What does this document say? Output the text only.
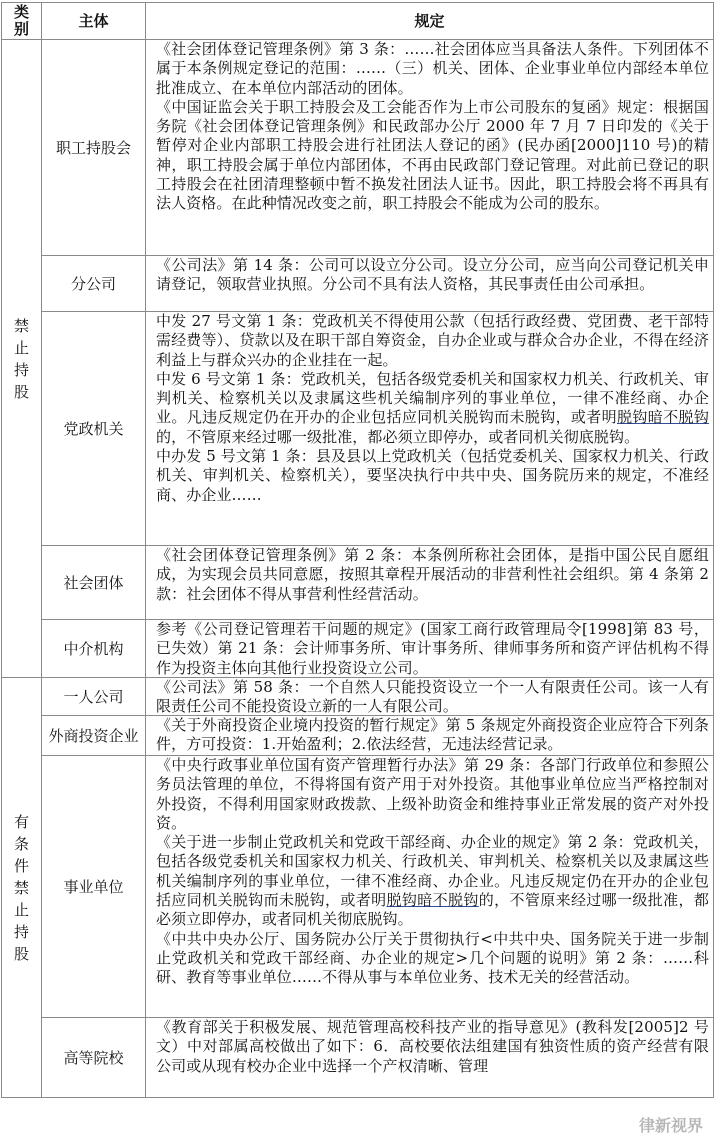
类别	主体	规定

禁止持股	职工持股会	《社会团体登记管理条例》第 3 条：……社会团体应当具备法人条件。下列团体不属于本条例规定登记的范围：……（三）机关、团体、企业事业单位内部经本单位批准成立、在本单位内部活动的团体。

《中国证监会关于职工持股会及工会能否作为上市公司股东的复函》规定：根据国务院《社会团体登记管理条例》和民政部办公厅 2000 年 7 月 7 日印发的《关于暂停对企业内部职工持股会进行社团法人登记的函》(民办函[2000]110 号)的精神，职工持股会属于单位内部团体，不再由民政部门登记管理。对此前已登记的职工持股会在社团清理整顿中暂不换发社团法人证书。因此，职工持股会将不再具有法人资格。在此种情况改变之前，职工持股会不能成为公司的股东。

	分公司	《公司法》第 14 条：公司可以设立分公司。设立分公司，应当向公司登记机关申请登记，领取营业执照。分公司不具有法人资格，其民事责任由公司承担。

	党政机关	中发 27 号文第 1 条：党政机关不得使用公款（包括行政经费、党团费、老干部特需经费等）、贷款以及在职干部自筹资金，自办企业或与群众合办企业，不得在经济利益上与群众兴办的企业挂在一起。

中发 6 号文第 1 条：党政机关，包括各级党委机关和国家权力机关、行政机关、审判机关、检察机关以及隶属这些机关编制序列的事业单位，一律不准经商、办企业。凡违反规定仍在开办的企业包括应同机关脱钩而未脱钩，或者明脱钩暗不脱钩的，不管原来经过哪一级批准，都必须立即停办，或者同机关彻底脱钩。

中办发 5 号文第 1 条：县及县以上党政机关（包括党委机关、国家权力机关、行政机关、审判机关、检察机关），要坚决执行中共中央、国务院历来的规定，不准经商、办企业……

	社会团体	《社会团体登记管理条例》第 2 条：本条例所称社会团体，是指中国公民自愿组成，为实现会员共同意愿，按照其章程开展活动的非营利性社会组织。第 4 条第 2 款：社会团体不得从事营利性经营活动。

	中介机构	参考《公司登记管理若干问题的规定》(国家工商行政管理局令[1998]第 83 号，已失效）第 21 条：会计师事务所、审计事务所、律师事务所和资产评估机构不得作为投资主体向其他行业投资设立公司。

有条件禁止持股	一人公司	《公司法》第 58 条：一个自然人只能投资设立一个一人有限责任公司。该一人有限责任公司不能投资设立新的一人有限公司。

	外商投资企业	《关于外商投资企业境内投资的暂行规定》第 5 条规定外商投资企业应符合下列条件，方可投资：1.开始盈利；2.依法经营，无违法经营记录。

	事业单位	《中央行政事业单位国有资产管理暂行办法》第 29 条：各部门行政单位和参照公务员法管理的单位，不得将国有资产用于对外投资。其他事业单位应当严格控制对外投资，不得利用国家财政拨款、上级补助资金和维持事业正常发展的资产对外投资。

《关于进一步制止党政机关和党政干部经商、办企业的规定》第 2 条：党政机关，包括各级党委机关和国家权力机关、行政机关、审判机关、检察机关以及隶属这些机关编制序列的事业单位，一律不准经商、办企业。凡违反规定仍在开办的企业包括应同机关脱钩而未脱钩，或者明脱钩暗不脱钩的，不管原来经过哪一级批准，都必须立即停办，或者同机关彻底脱钩。

《中共中央办公厅、国务院办公厅关于贯彻执行<中共中央、国务院关于进一步制止党政机关和党政干部经商、办企业的规定>几个问题的说明》第 2 条：……科研、教育等事业单位……不得从事与本单位业务、技术无关的经营活动。

	高等院校	《教育部关于积极发展、规范管理高校科技产业的指导意见》(教科发[2005]2 号文）中对部属高校做出了如下：6．高校要依法组建国有独资性质的资产经营有限公司或从现有校办企业中选择一个产权清晰、管理

律新视界
